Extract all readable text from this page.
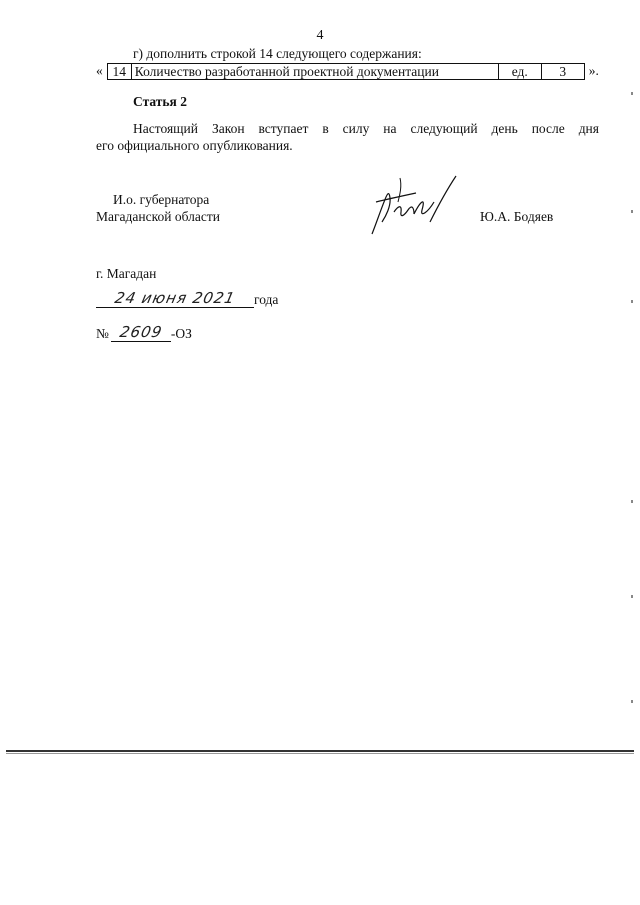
4
г) дополнить строкой 14 следующего содержания:
« 14	Количество разработанной проектной документации	ед.	3 ».
Статья 2
Настоящий Закон вступает в силу на следующий день после дня
его официального опубликования.
И.о. губернатора
Магаданской области	Ю.А. Бодяев
г. Магадан
24 июня 2021	года
№ 2609 -ОЗ
